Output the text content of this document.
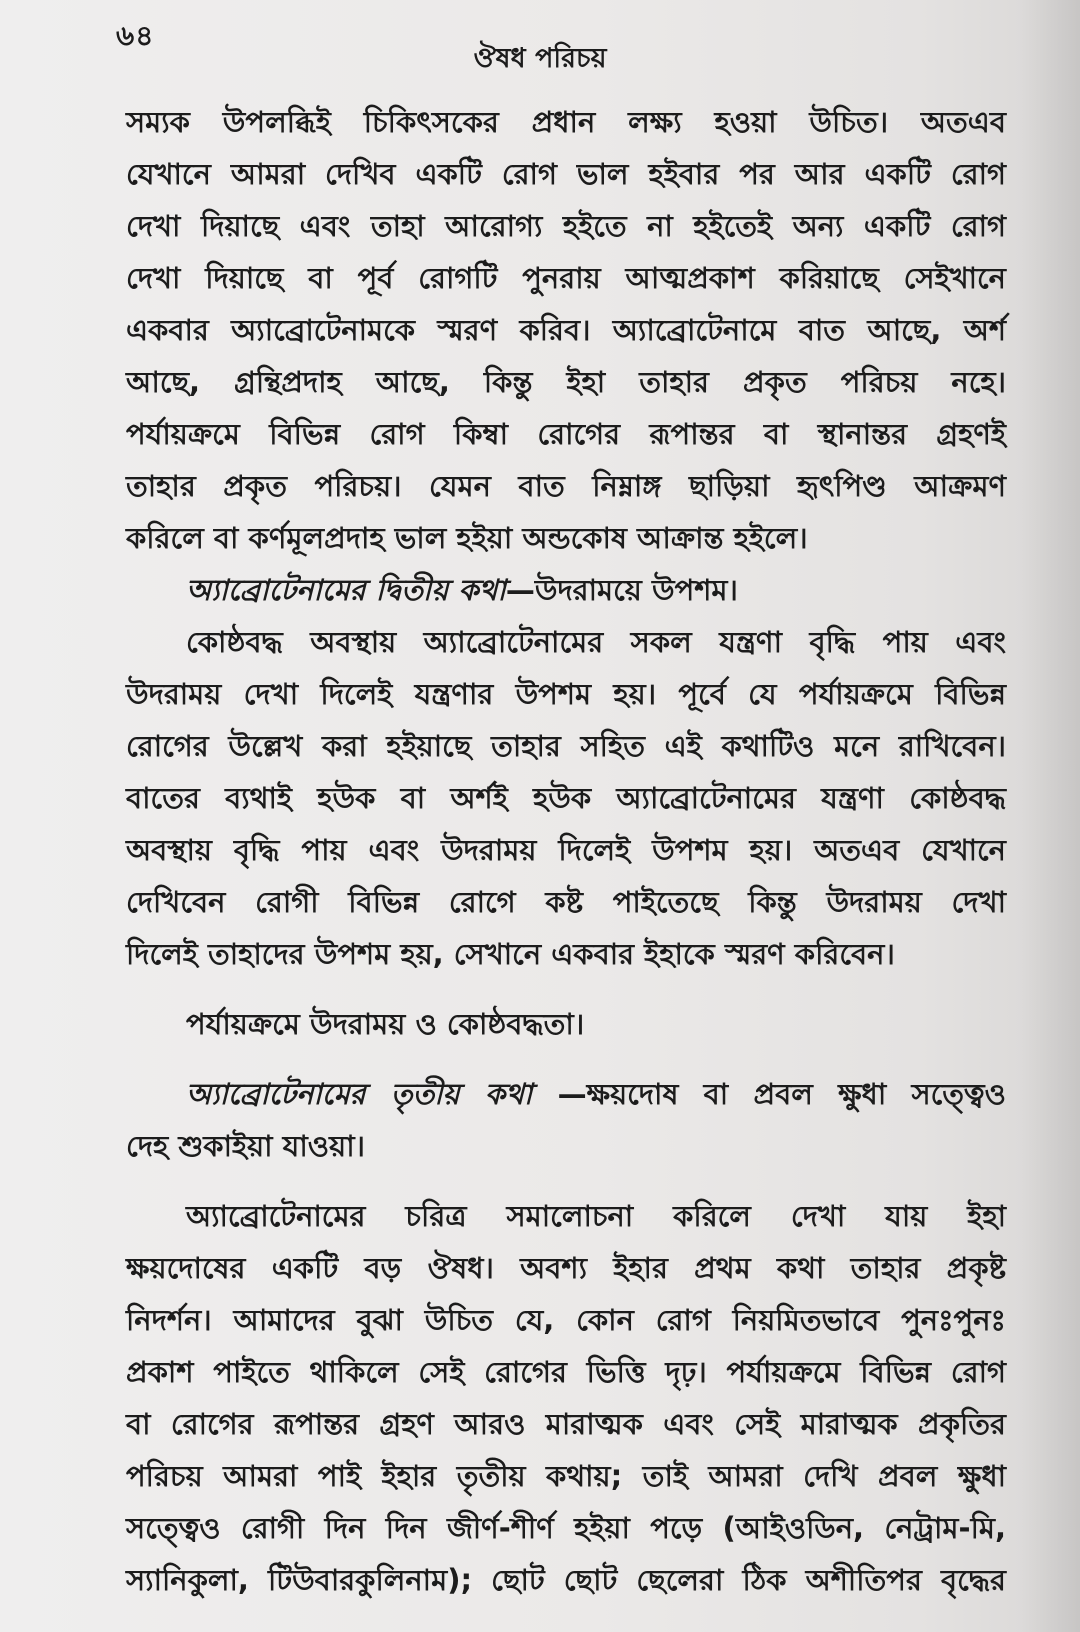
৬৪
ঔষধ পরিচয়
সম্যক উপলব্ধিই চিকিৎসকের প্রধান লক্ষ্য হওয়া উচিত। অতএব
যেখানে আমরা দেখিব একটি রোগ ভাল হইবার পর আর একটি রোগ
দেখা দিয়াছে এবং তাহা আরোগ্য হইতে না হইতেই অন্য একটি রোগ
দেখা দিয়াছে বা পূর্ব রোগটি পুনরায় আত্মপ্রকাশ করিয়াছে সেইখানে
একবার অ্যাব্রোটেনামকে স্মরণ করিব। অ্যাব্রোটেনামে বাত আছে, অর্শ
আছে, গ্রন্থিপ্রদাহ আছে, কিন্তু ইহা তাহার প্রকৃত পরিচয় নহে।
পর্যায়ক্রমে বিভিন্ন রোগ কিম্বা রোগের রূপান্তর বা স্থানান্তর গ্রহণই
তাহার প্রকৃত পরিচয়। যেমন বাত নিম্নাঙ্গ ছাড়িয়া হৃৎপিণ্ড আক্রমণ
করিলে বা কর্ণমূলপ্রদাহ ভাল হইয়া অন্ডকোষ আক্রান্ত হইলে।
অ্যাব্রোটেনামের দ্বিতীয় কথা—উদরাময়ে উপশম।
কোষ্ঠবদ্ধ অবস্থায় অ্যাব্রোটেনামের সকল যন্ত্রণা বৃদ্ধি পায় এবং
উদরাময় দেখা দিলেই যন্ত্রণার উপশম হয়। পূর্বে যে পর্যায়ক্রমে বিভিন্ন
রোগের উল্লেখ করা হইয়াছে তাহার সহিত এই কথাটিও মনে রাখিবেন।
বাতের ব্যথাই হউক বা অর্শই হউক অ্যাব্রোটেনামের যন্ত্রণা কোষ্ঠবদ্ধ
অবস্থায় বৃদ্ধি পায় এবং উদরাময় দিলেই উপশম হয়। অতএব যেখানে
দেখিবেন রোগী বিভিন্ন রোগে কষ্ট পাইতেছে কিন্তু উদরাময় দেখা
দিলেই তাহাদের উপশম হয়, সেখানে একবার ইহাকে স্মরণ করিবেন।
পর্যায়ক্রমে উদরাময় ও কোষ্ঠবদ্ধতা।
অ্যাব্রোটেনামের তৃতীয় কথা —ক্ষয়দোষ বা প্রবল ক্ষুধা সত্ত্বেও
দেহ শুকাইয়া যাওয়া।
অ্যাব্রোটেনামের চরিত্র সমালোচনা করিলে দেখা যায় ইহা
ক্ষয়দোষের একটি বড় ঔষধ। অবশ্য ইহার প্রথম কথা তাহার প্রকৃষ্ট
নিদর্শন। আমাদের বুঝা উচিত যে, কোন রোগ নিয়মিতভাবে পুনঃপুনঃ
প্রকাশ পাইতে থাকিলে সেই রোগের ভিত্তি দৃঢ়। পর্যায়ক্রমে বিভিন্ন রোগ
বা রোগের রূপান্তর গ্রহণ আরও মারাত্মক এবং সেই মারাত্মক প্রকৃতির
পরিচয় আমরা পাই ইহার তৃতীয় কথায়; তাই আমরা দেখি প্রবল ক্ষুধা
সত্ত্বেও রোগী দিন দিন জীর্ণ-শীর্ণ হইয়া পড়ে (আইওডিন, নেট্রাম-মি,
স্যানিকুলা, টিউবারকুলিনাম); ছোট ছোট ছেলেরা ঠিক অশীতিপর বৃদ্ধের
